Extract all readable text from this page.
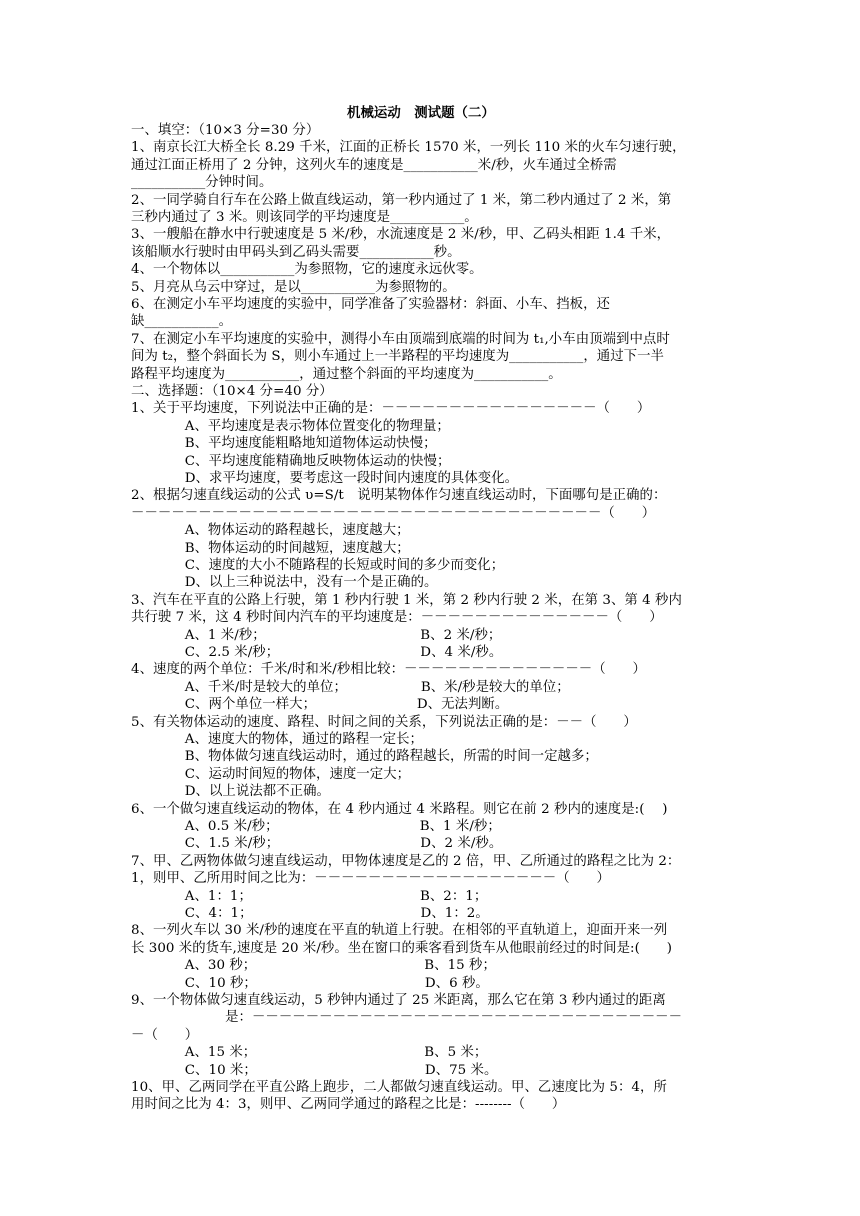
机械运动　测试题（二）
一、填空：（10×3 分=30 分）
1、南京长江大桥全长 8.29 千米，江面的正桥长 1570 米，一列长 110 米的火车匀速行驶，
通过江面正桥用了 2 分钟，这列火车的速度是___________米/秒，火车通过全桥需
___________分钟时间。
2、一同学骑自行车在公路上做直线运动，第一秒内通过了 1 米，第二秒内通过了 2 米，第
三秒内通过了 3 米。则该同学的平均速度是___________。
3、一艘船在静水中行驶速度是 5 米/秒，水流速度是 2 米/秒，甲、乙码头相距 1.4 千米，
该船顺水行驶时由甲码头到乙码头需要___________秒。
4、一个物体以___________为参照物，它的速度永远伙零。
5、月亮从乌云中穿过，是以___________为参照物的。
6、在测定小车平均速度的实验中，同学准备了实验器材：斜面、小车、挡板，还
缺___________。
7、在测定小车平均速度的实验中，测得小车由顶端到底端的时间为 t₁,小车由顶端到中点时
间为 t₂，整个斜面长为 S，则小车通过上一半路程的平均速度为___________，通过下一半
路程平均速度为___________，通过整个斜面的平均速度为___________。
二、选择题：（10×4 分=40 分）
1、关于平均速度，下列说法中正确的是：－－－－－－－－－－－－－－－－（　　）
　　　　A、平均速度是表示物体位置变化的物理量；
　　　　B、平均速度能粗略地知道物体运动快慢；
　　　　C、平均速度能精确地反映物体运动的快慢；
　　　　D、求平均速度，要考虑这一段时间内速度的具体变化。
2、根据匀速直线运动的公式 υ=S/t　说明某物体作匀速直线运动时，下面哪句是正确的：
－－－－－－－－－－－－－－－－－－－－－－－－－－－－－－－－－－－（　　）
　　　　A、物体运动的路程越长，速度越大；
　　　　B、物体运动的时间越短，速度越大；
　　　　C、速度的大小不随路程的长短或时间的多少而变化；
　　　　D、以上三种说法中，没有一个是正确的。
3、汽车在平直的公路上行驶，第 1 秒内行驶 1 米，第 2 秒内行驶 2 米，在第 3、第 4 秒内
共行驶 7 米，这 4 秒时间内汽车的平均速度是：－－－－－－－－－－－－－－（　　）
　　　　A、1 米/秒；　　　　　　　　　　　　B、2 米/秒；
　　　　C、2.5 米/秒；　　　　　　　　　　　D、4 米/秒。
4、速度的两个单位：千米/时和米/秒相比较：－－－－－－－－－－－－－－（　　）
　　　　A、千米/时是较大的单位；　　　　　　B、米/秒是较大的单位；
　　　　C、两个单位一样大；　　　　　　　　D、无法判断。
5、有关物体运动的速度、路程、时间之间的关系，下列说法正确的是：－－（　　）
　　　　A、速度大的物体，通过的路程一定长；
　　　　B、物体做匀速直线运动时，通过的路程越长，所需的时间一定越多；
　　　　C、运动时间短的物体，速度一定大；
　　　　D、以上说法都不正确。
6、一个做匀速直线运动的物体，在 4 秒内通过 4 米路程。则它在前 2 秒内的速度是:(　 )
　　　　A、0.5 米/秒；　　　　　　　　　　　B、1 米/秒；
　　　　C、1.5 米/秒；　　　　　　　　　　　D、2 米/秒。
7、甲、乙两物体做匀速直线运动，甲物体速度是乙的 2 倍，甲、乙所通过的路程之比为 2：
1，则甲、乙所用时间之比为：－－－－－－－－－－－－－－－－－－（　　）
　　　　A、1：1；　　　　　　　　　　　　　B、2：1；
　　　　C、4：1；　　　　　　　　　　　　　D、1：2。
8、一列火车以 30 米/秒的速度在平直的轨道上行驶。在相邻的平直轨道上，迎面开来一列
长 300 米的货车,速度是 20 米/秒。坐在窗口的乘客看到货车从他眼前经过的时间是:(　　)
　　　　A、30 秒；　　　　　　　　　　　　　B、15 秒；
　　　　C、10 秒；　　　　　　　　　　　　　D、6 秒。
9、一个物体做匀速直线运动，5 秒钟内通过了 25 米距离，那么它在第 3 秒内通过的距离
　　　　　　　是：－－－－－－－－－－－－－－－－－－－－－－－－－－－－－－－－
－（　　）
　　　　A、15 米；　　　　　　　　　　　　　B、5 米；
　　　　C、10 米；　　　　　　　　　　　　　D、75 米。
10、甲、乙两同学在平直公路上跑步，二人都做匀速直线运动。甲、乙速度比为 5：4，所
用时间之比为 4：3，则甲、乙两同学通过的路程之比是：--------（　　）
